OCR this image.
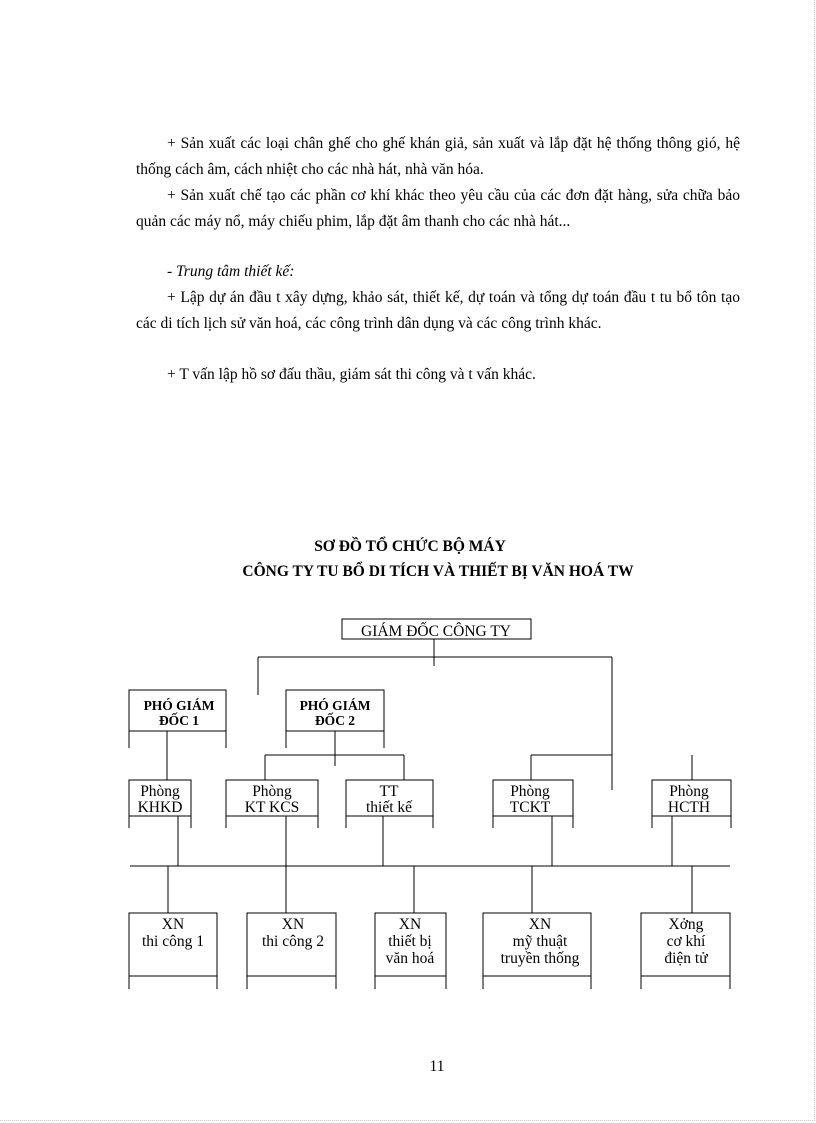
+ Sản xuất các loại chân ghế cho ghế khán giả, sản xuất và lắp đặt hệ thống thông gió, hệ thống cách âm, cách nhiệt cho các nhà hát, nhà văn hóa.

+ Sản xuất chế tạo các phần cơ khí khác theo yêu cầu của các đơn đặt hàng, sửa chữa bảo quản các máy nổ, máy chiếu phim, lắp đặt âm thanh cho các nhà hát...

- Trung tâm thiết kế:

+ Lập dự án đầu t xây dựng, khảo sát, thiết kế, dự toán và tổng dự toán đầu t tu bổ tôn tạo các di tích lịch sử văn hoá, các công trình dân dụng và các công trình khác.

+ T vấn lập hồ sơ đấu thầu, giám sát thi công và t vấn khác.

SƠ ĐỒ TỔ CHỨC BỘ MÁY

CÔNG TY TU BỔ DI TÍCH VÀ THIẾT BỊ VĂN HOÁ TW

GIÁM ĐỐC CÔNG TY
PHÓ GIÁM
ĐỐC 1
PHÓ GIÁM
ĐỐC 2
Phòng
KHKD
Phòng
KT KCS
TT
thiết kế
Phòng
TCKT
Phòng
HCTH
XN
thi công 1
XN
thi công 2
XN
thiết bị
văn hoá
XN
mỹ thuật
truyền thống
Xởng
cơ khí
điện tử

11
